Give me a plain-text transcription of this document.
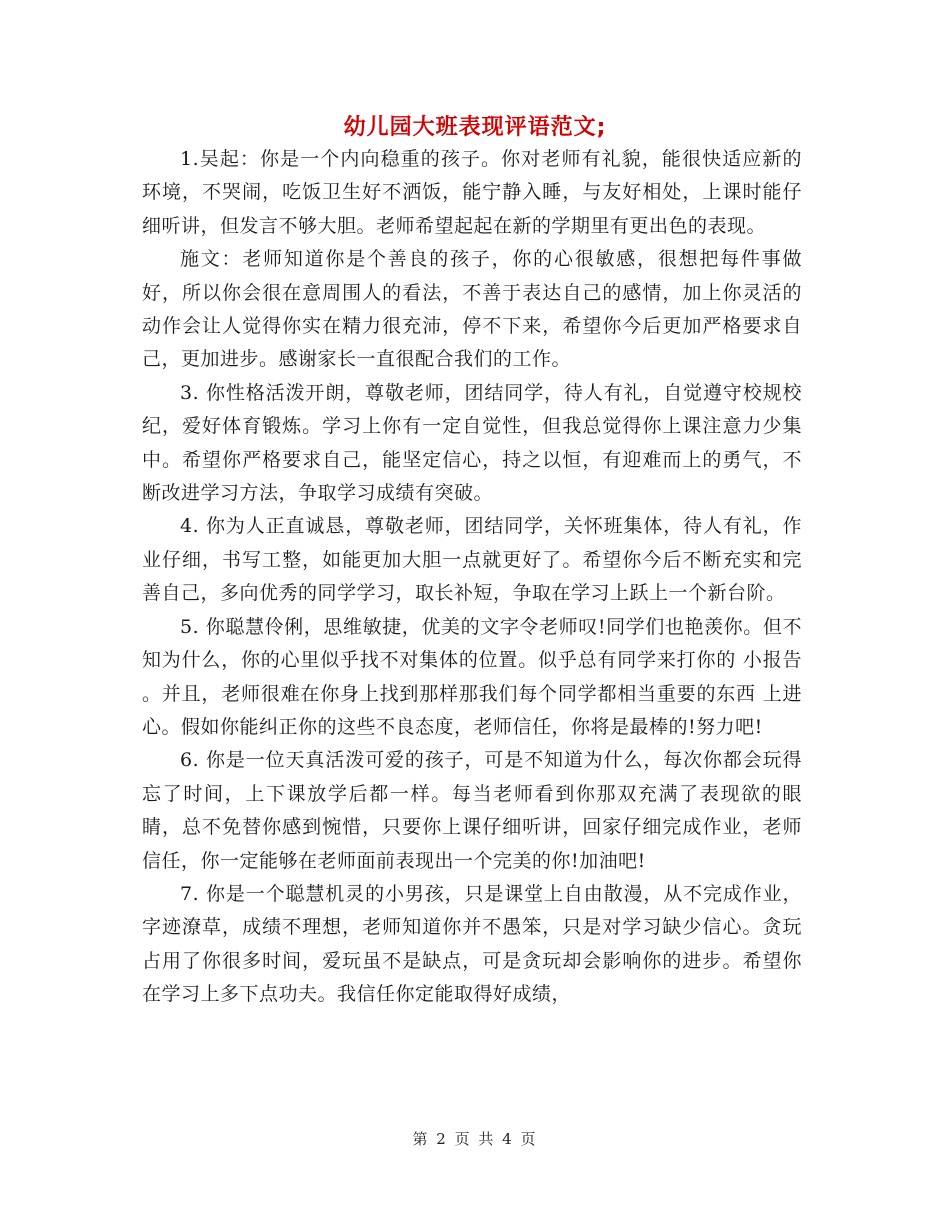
幼儿园大班表现评语范文;

1.吴起：你是一个内向稳重的孩子。你对老师有礼貌，能很快适应新的环境，不哭闹，吃饭卫生好不洒饭，能宁静入睡，与友好相处，上课时能仔细听讲，但发言不够大胆。老师希望起起在新的学期里有更出色的表现。

施文：老师知道你是个善良的孩子，你的心很敏感，很想把每件事做好，所以你会很在意周围人的看法，不善于表达自己的感情，加上你灵活的动作会让人觉得你实在精力很充沛，停不下来，希望你今后更加严格要求自己，更加进步。感谢家长一直很配合我们的工作。

3. 你性格活泼开朗，尊敬老师，团结同学，待人有礼，自觉遵守校规校纪，爱好体育锻炼。学习上你有一定自觉性，但我总觉得你上课注意力少集中。希望你严格要求自己，能坚定信心，持之以恒，有迎难而上的勇气，不断改进学习方法，争取学习成绩有突破。

4. 你为人正直诚恳，尊敬老师，团结同学，关怀班集体，待人有礼，作业仔细，书写工整，如能更加大胆一点就更好了。希望你今后不断充实和完善自己，多向优秀的同学学习，取长补短，争取在学习上跃上一个新台阶。

5. 你聪慧伶俐，思维敏捷，优美的文字令老师叹!同学们也艳羡你。但不知为什么，你的心里似乎找不对集体的位置。似乎总有同学来打你的 小报告 。并且，老师很难在你身上找到那样那我们每个同学都相当重要的东西 上进心。假如你能纠正你的这些不良态度，老师信任，你将是最棒的!努力吧!

6. 你是一位天真活泼可爱的孩子，可是不知道为什么，每次你都会玩得忘了时间，上下课放学后都一样。每当老师看到你那双充满了表现欲的眼睛，总不免替你感到惋惜，只要你上课仔细听讲，回家仔细完成作业，老师信任，你一定能够在老师面前表现出一个完美的你!加油吧!

7. 你是一个聪慧机灵的小男孩，只是课堂上自由散漫，从不完成作业，字迹潦草，成绩不理想，老师知道你并不愚笨，只是对学习缺少信心。贪玩占用了你很多时间，爱玩虽不是缺点，可是贪玩却会影响你的进步。希望你在学习上多下点功夫。我信任你定能取得好成绩，

第 2 页 共 4 页
